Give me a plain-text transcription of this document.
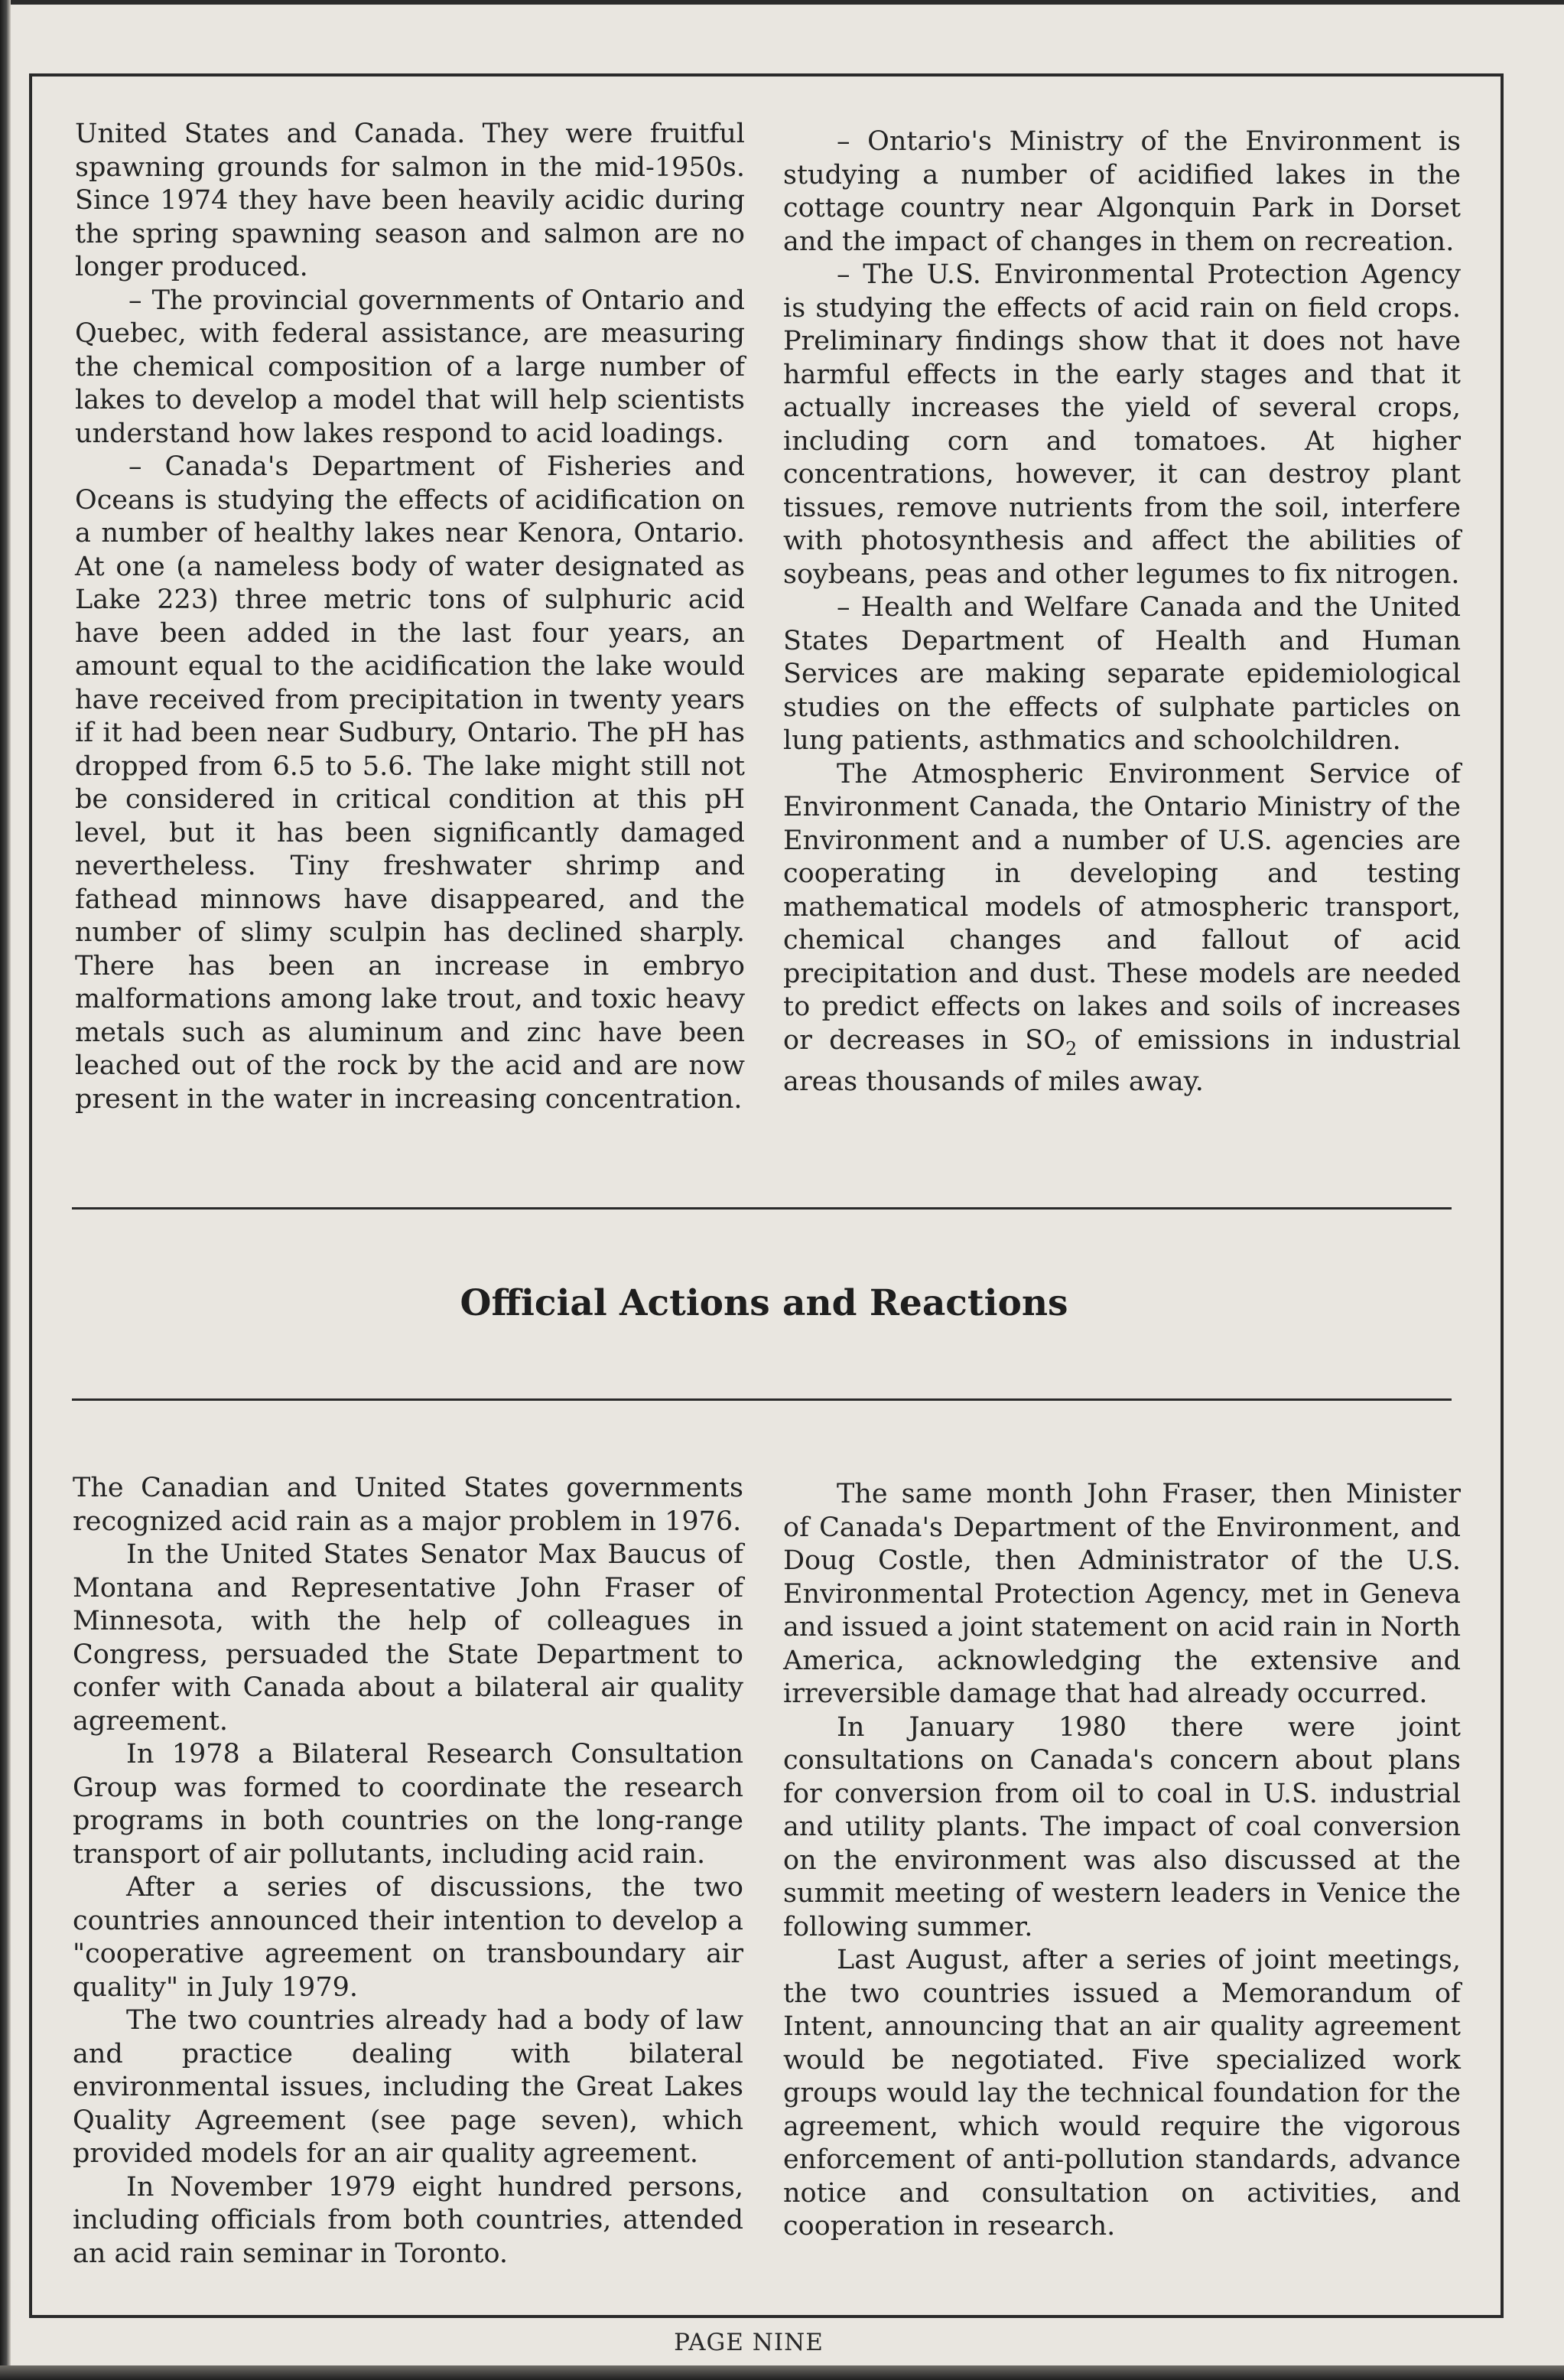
United States and Canada. They were fruitful spawning grounds for salmon in the mid-1950s. Since 1974 they have been heavily acidic during the spring spawning season and salmon are no longer produced.

– The provincial governments of Ontario and Quebec, with federal assistance, are measuring the chemical composition of a large number of lakes to develop a model that will help scientists understand how lakes respond to acid loadings.

– Canada's Department of Fisheries and Oceans is studying the effects of acidification on a number of healthy lakes near Kenora, Ontario. At one (a nameless body of water designated as Lake 223) three metric tons of sulphuric acid have been added in the last four years, an amount equal to the acidification the lake would have received from precipitation in twenty years if it had been near Sudbury, Ontario. The pH has dropped from 6.5 to 5.6. The lake might still not be considered in critical condition at this pH level, but it has been significantly damaged nevertheless. Tiny freshwater shrimp and fathead minnows have disappeared, and the number of slimy sculpin has declined sharply. There has been an increase in embryo malformations among lake trout, and toxic heavy metals such as aluminum and zinc have been leached out of the rock by the acid and are now present in the water in increasing concentration.

– Ontario's Ministry of the Environment is studying a number of acidified lakes in the cottage country near Algonquin Park in Dorset and the impact of changes in them on recreation.

– The U.S. Environmental Protection Agency is studying the effects of acid rain on field crops. Preliminary findings show that it does not have harmful effects in the early stages and that it actually increases the yield of several crops, including corn and tomatoes. At higher concentrations, however, it can destroy plant tissues, remove nutrients from the soil, interfere with photosynthesis and affect the abilities of soybeans, peas and other legumes to fix nitrogen.

– Health and Welfare Canada and the United States Department of Health and Human Services are making separate epidemiological studies on the effects of sulphate particles on lung patients, asthmatics and schoolchildren.

The Atmospheric Environment Service of Environment Canada, the Ontario Ministry of the Environment and a number of U.S. agencies are cooperating in developing and testing mathematical models of atmospheric transport, chemical changes and fallout of acid precipitation and dust. These models are needed to predict effects on lakes and soils of increases or decreases in $SO_2$ of emissions in industrial areas thousands of miles away.

Official Actions and Reactions

The Canadian and United States governments recognized acid rain as a major problem in 1976.

In the United States Senator Max Baucus of Montana and Representative John Fraser of Minnesota, with the help of colleagues in Congress, persuaded the State Department to confer with Canada about a bilateral air quality agreement.

In 1978 a Bilateral Research Consultation Group was formed to coordinate the research programs in both countries on the long-range transport of air pollutants, including acid rain.

After a series of discussions, the two countries announced their intention to develop a "cooperative agreement on transboundary air quality" in July 1979.

The two countries already had a body of law and practice dealing with bilateral environmental issues, including the Great Lakes Quality Agreement (see page seven), which provided models for an air quality agreement.

In November 1979 eight hundred persons, including officials from both countries, attended an acid rain seminar in Toronto.

The same month John Fraser, then Minister of Canada's Department of the Environment, and Doug Costle, then Administrator of the U.S. Environmental Protection Agency, met in Geneva and issued a joint statement on acid rain in North America, acknowledging the extensive and irreversible damage that had already occurred.

In January 1980 there were joint consultations on Canada's concern about plans for conversion from oil to coal in U.S. industrial and utility plants. The impact of coal conversion on the environment was also discussed at the summit meeting of western leaders in Venice the following summer.

Last August, after a series of joint meetings, the two countries issued a Memorandum of Intent, announcing that an air quality agreement would be negotiated. Five specialized work groups would lay the technical foundation for the agreement, which would require the vigorous enforcement of anti-pollution standards, advance notice and consultation on activities, and cooperation in research.

PAGE NINE
